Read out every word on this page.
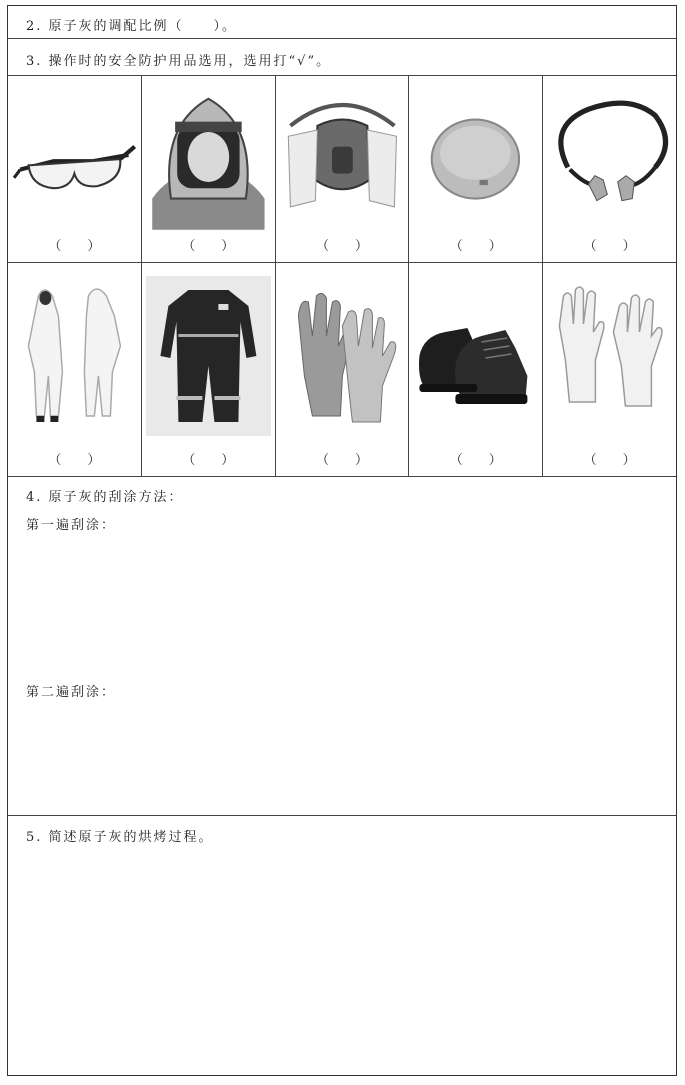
2. 原子灰的调配比例（　　）。
3. 操作时的安全防护用品选用，选用打“√”。
（　　）	（　　）	（　　）	（　　）	（　　）
（　　）	（　　）	（　　）	（　　）	（　　）
4. 原子灰的刮涂方法：
第一遍刮涂：
第二遍刮涂：
5. 简述原子灰的烘烤过程。
